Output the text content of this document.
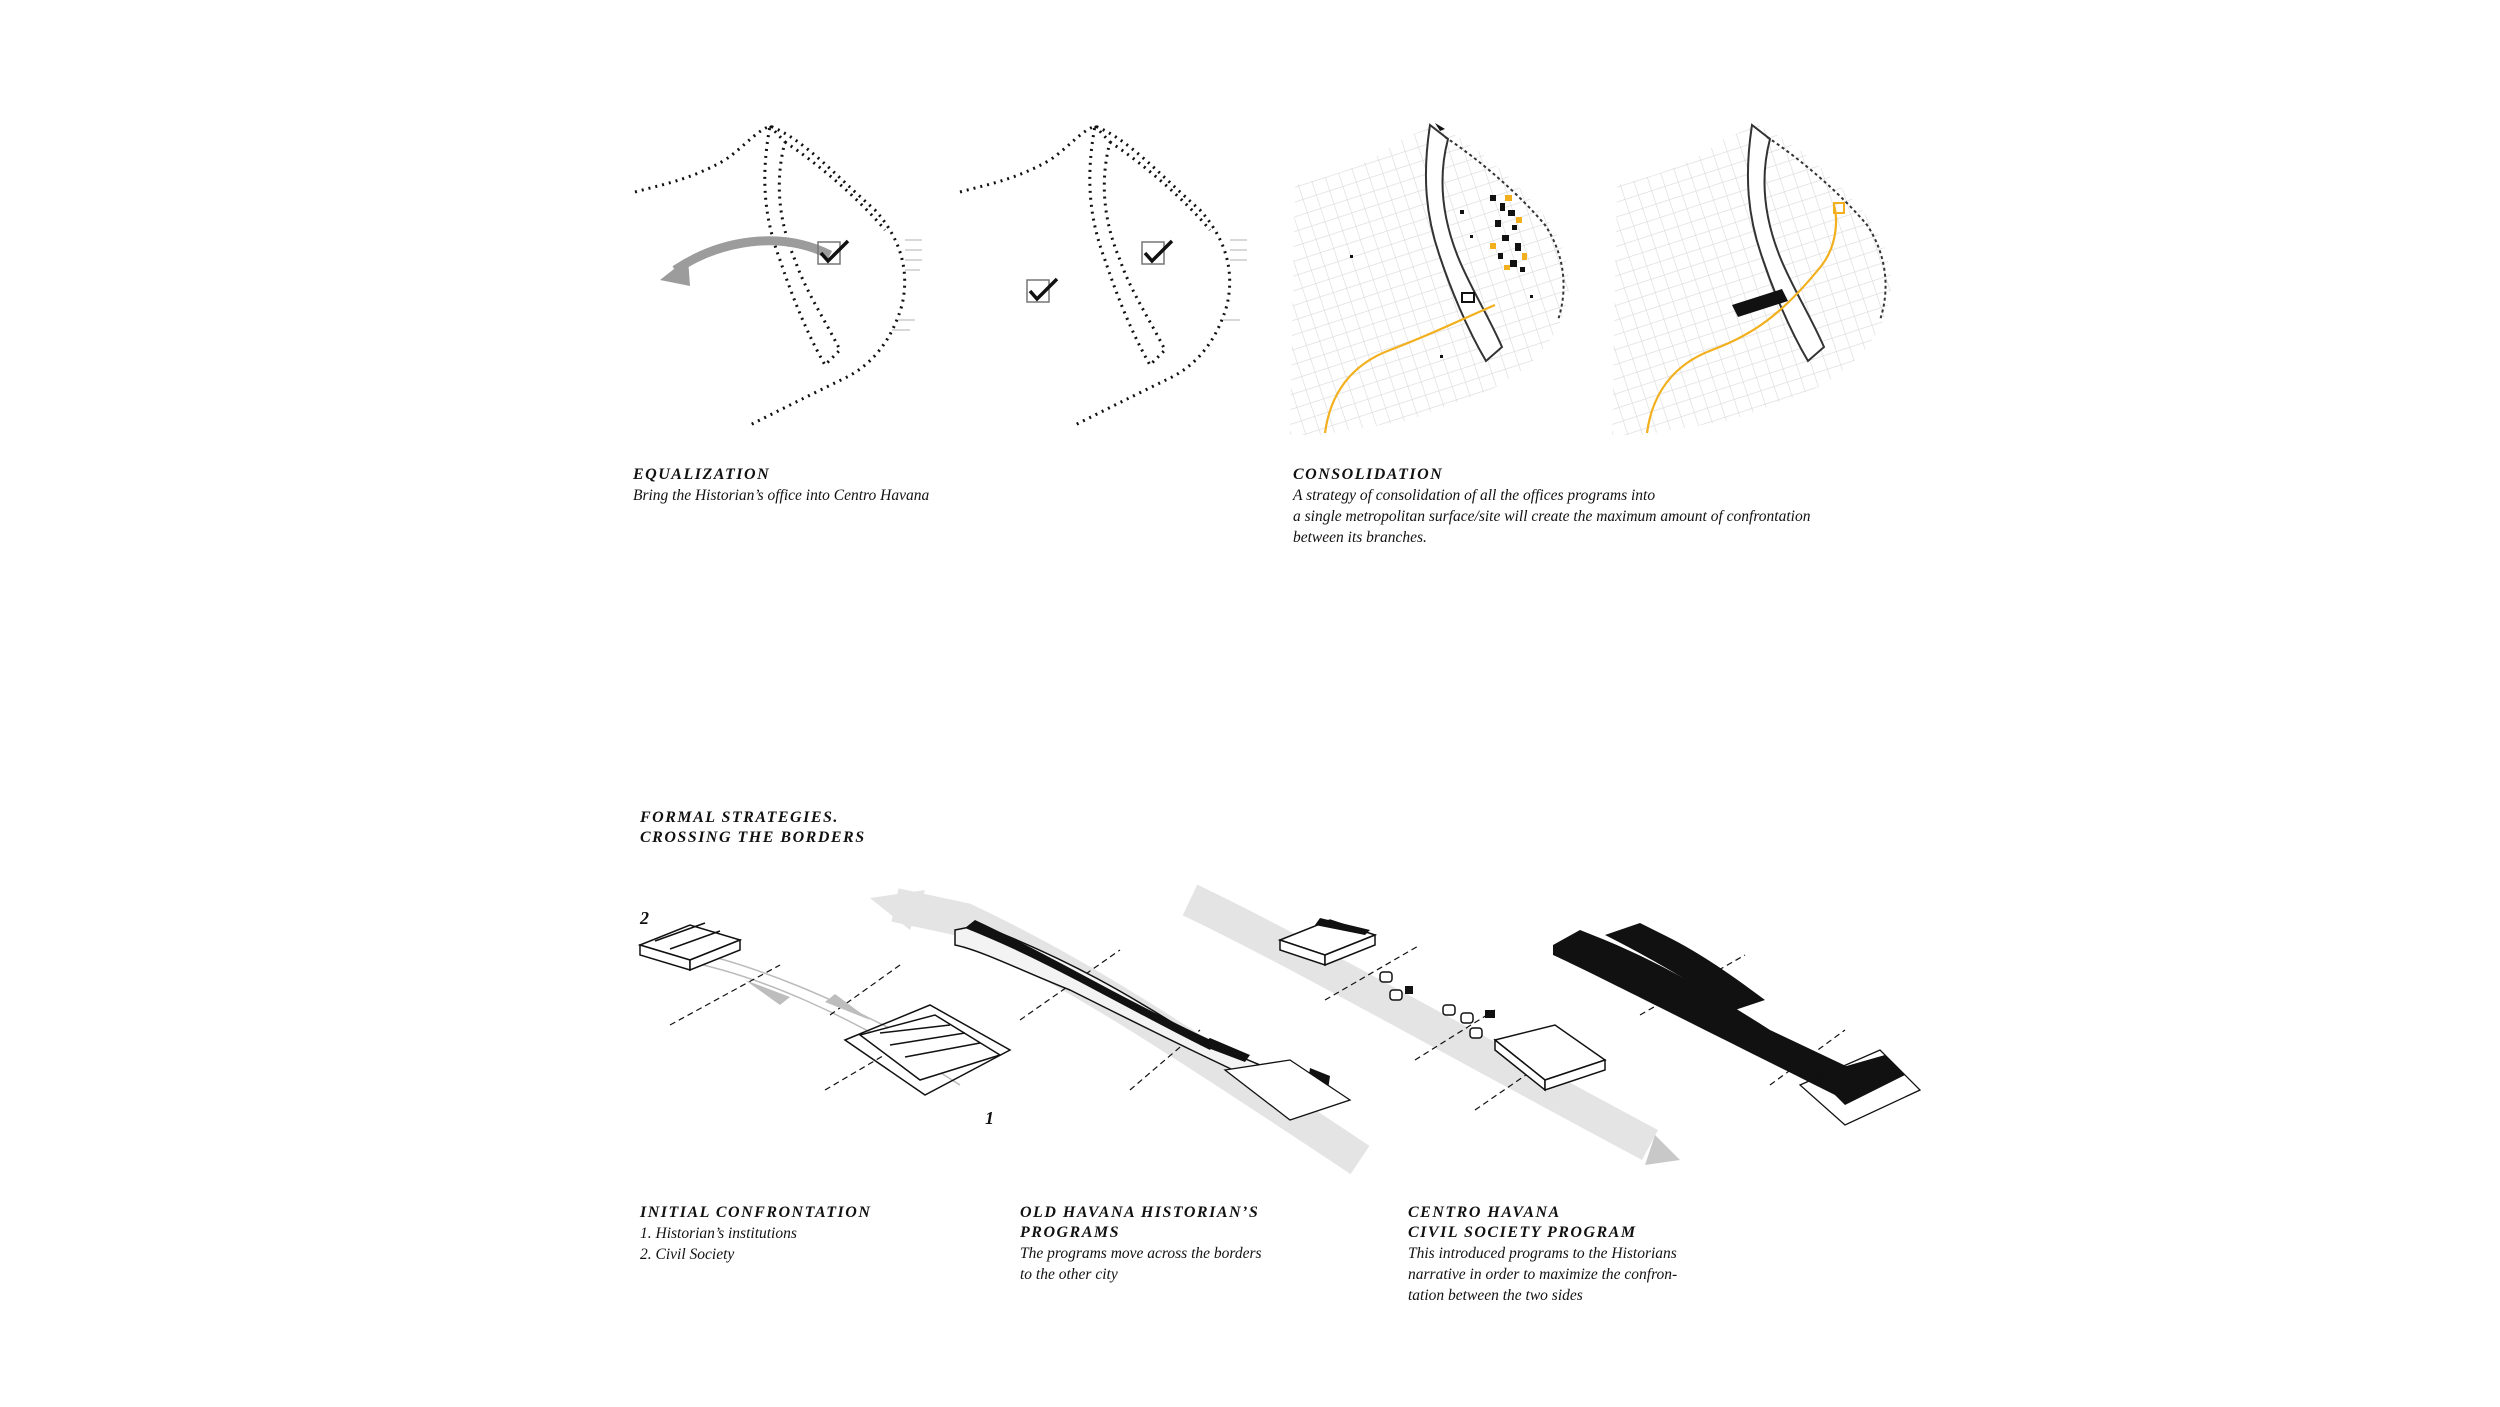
EQUALIZATION
Bring the Historian’s office into Centro Havana
CONSOLIDATION
A strategy of consolidation of all the offices programs into
a single metropolitan surface/site will create the maximum amount of confrontation
between its branches.
FORMAL STRATEGIES.
CROSSING THE BORDERS
1
2
INITIAL CONFRONTATION
1. Historian’s institutions
2. Civil Society
OLD HAVANA HISTORIAN’S
PROGRAMS
The programs move across the borders
to the other city
CENTRO HAVANA
CIVIL SOCIETY PROGRAM
This introduced programs to the Historians
narrative in order to maximize the confron-
tation between the two sides
